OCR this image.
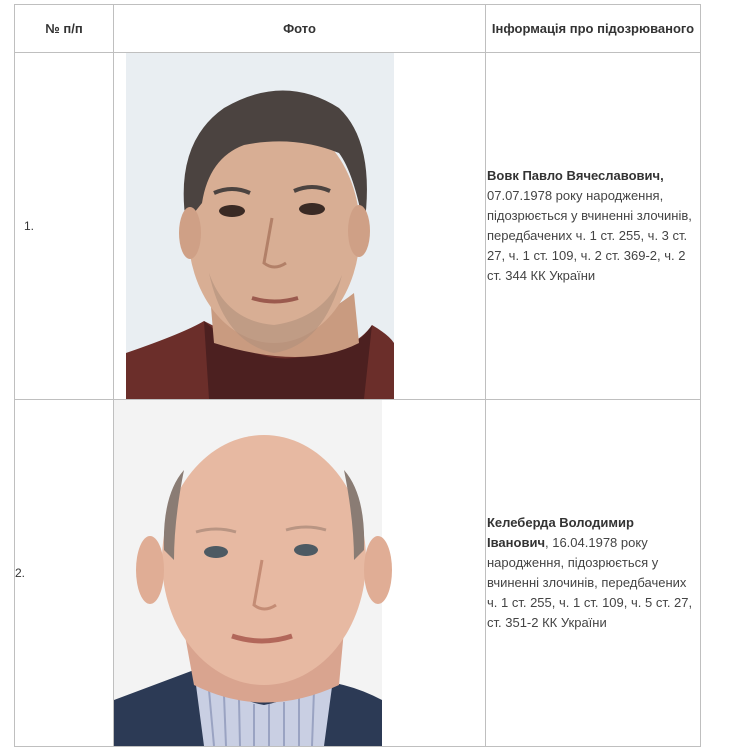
№ п/п	Фото	Інформація про підозрюваного
1.		Вовк Павло Вячеславович, 07.07.1978 року народження, підозрюється у вчиненні злочинів, передбачених ч. 1 ст. 255, ч. 3 ст. 27, ч. 1 ст. 109, ч. 2 ст. 369-2, ч. 2 ст. 344 КК України
2.		Келеберда Володимир Іванович, 16.04.1978 року народження, підозрюється у вчиненні злочинів, передбачених ч. 1 ст. 255, ч. 1 ст. 109, ч. 5 ст. 27, ст. 351-2 КК України
